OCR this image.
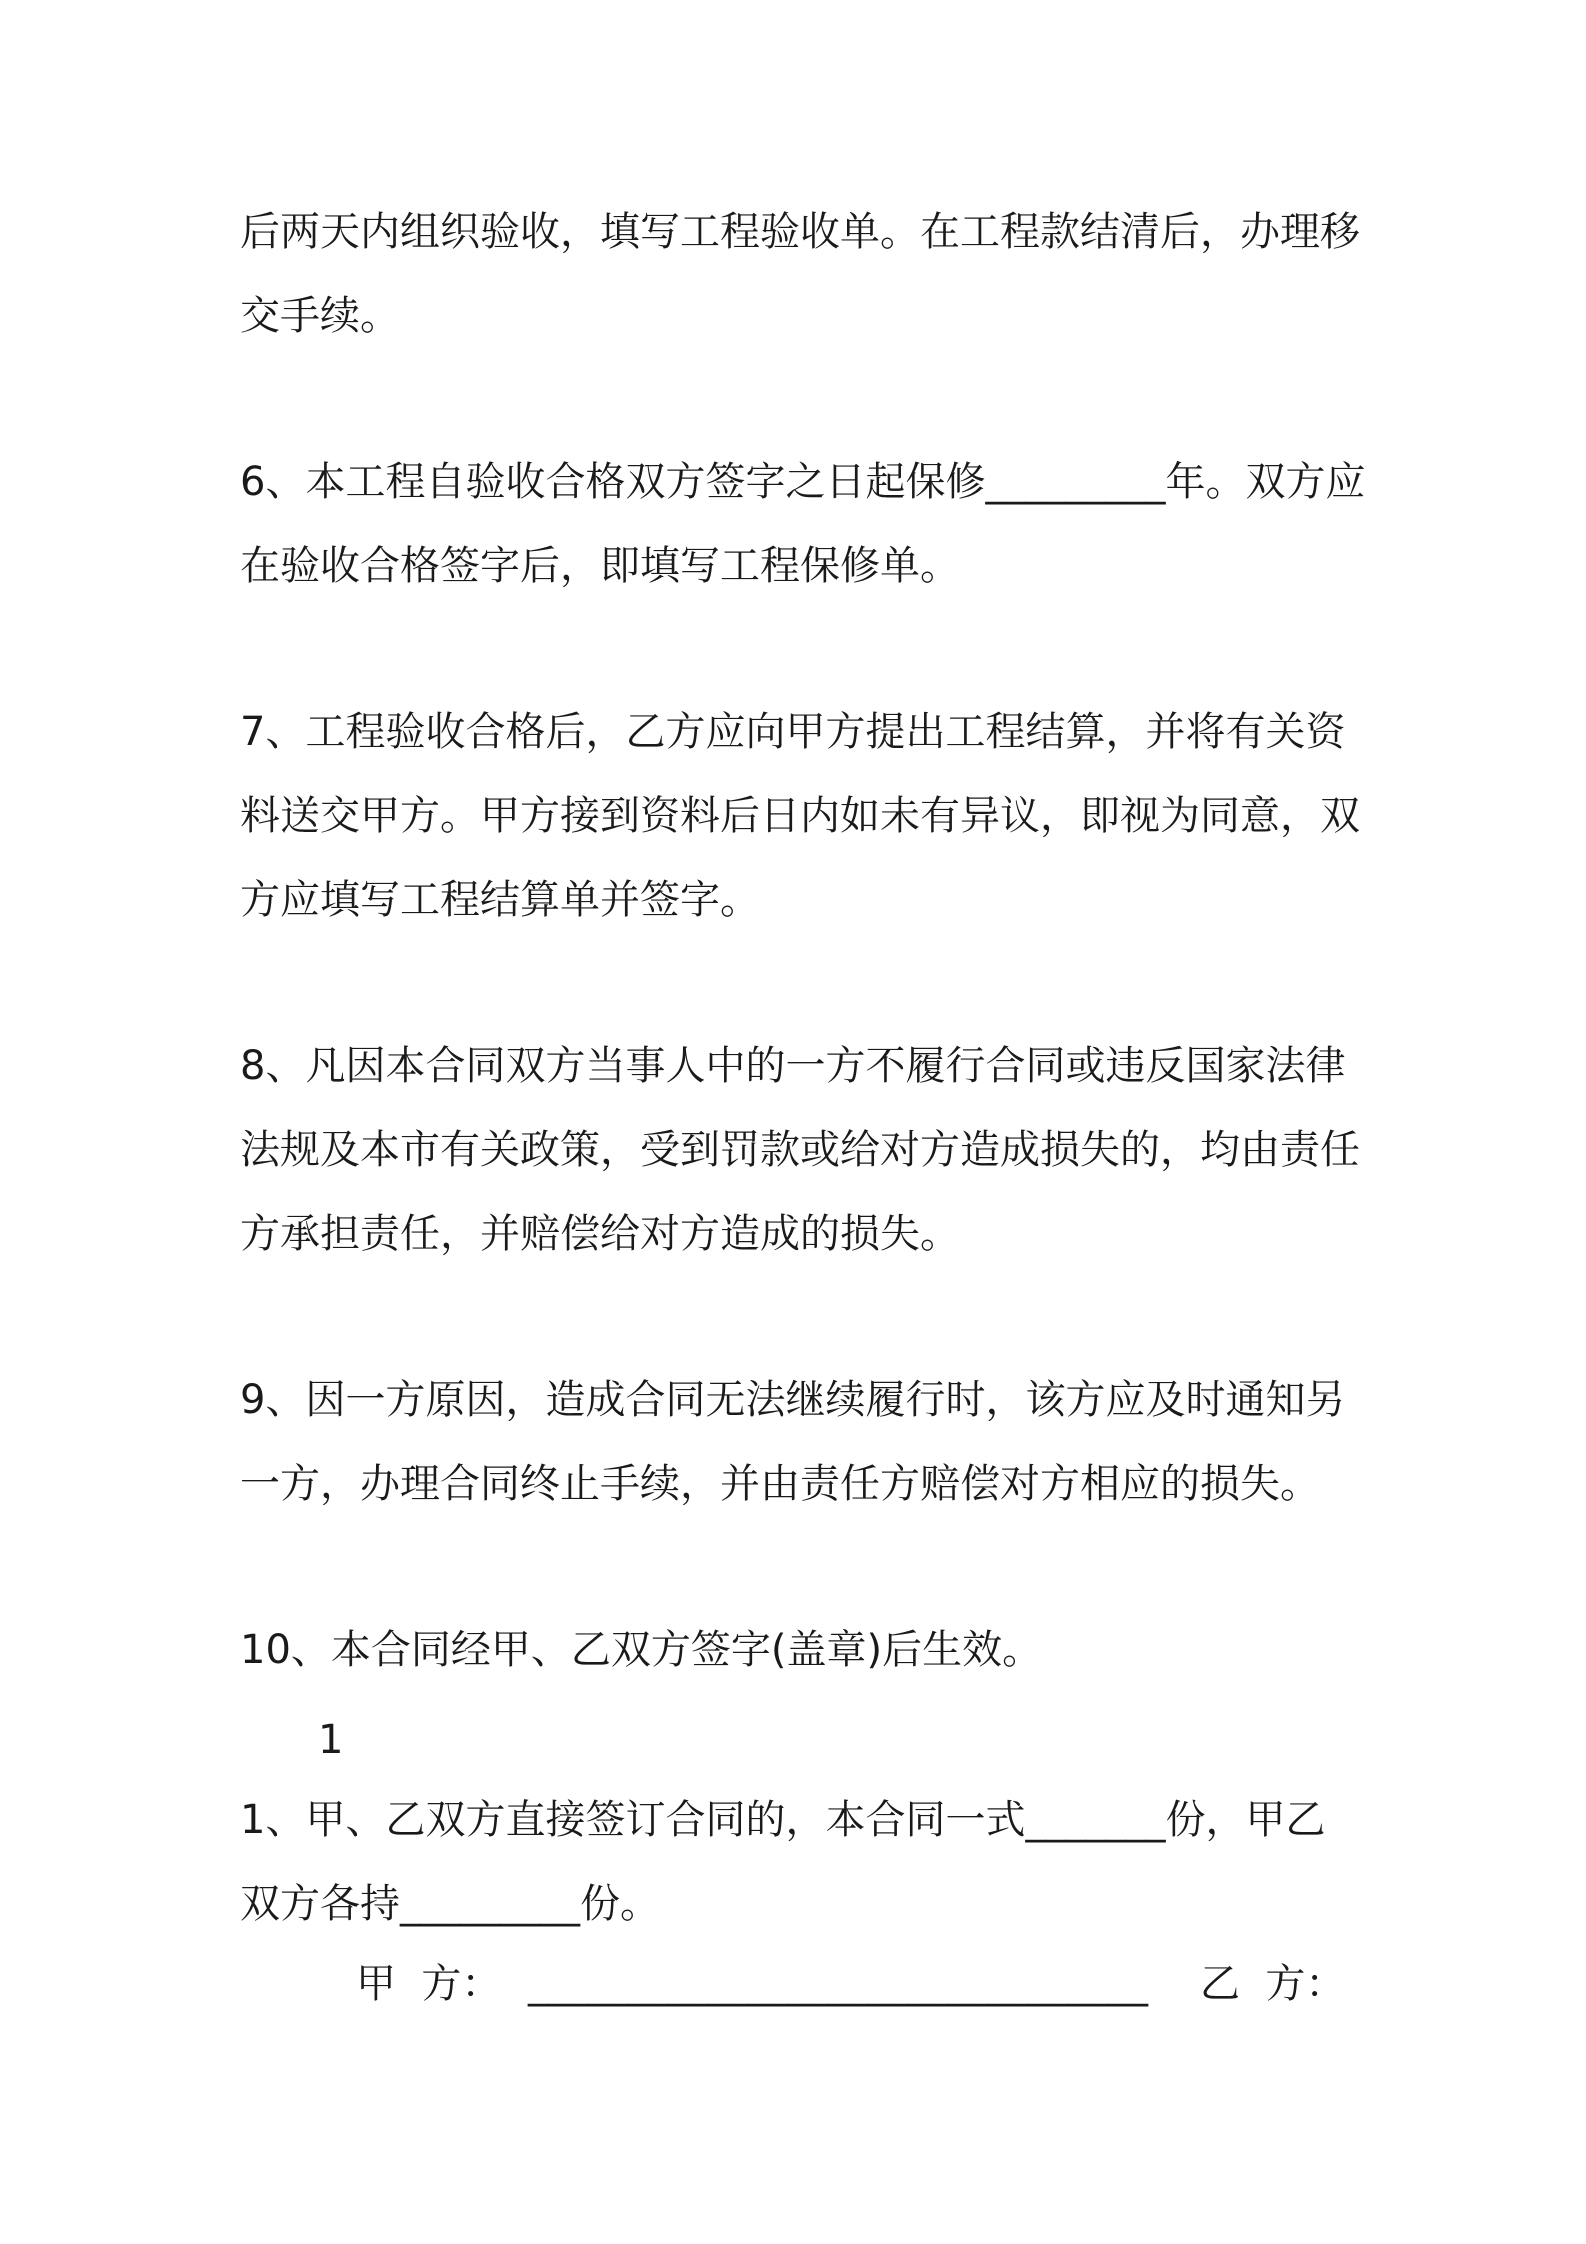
后两天内组织验收，填写工程验收单。在工程款结清后，办理移

交手续。

6、本工程自验收合格双方签字之日起保修_________年。双方应

在验收合格签字后，即填写工程保修单。

7、工程验收合格后，乙方应向甲方提出工程结算，并将有关资

料送交甲方。甲方接到资料后日内如未有异议，即视为同意，双

方应填写工程结算单并签字。

8、凡因本合同双方当事人中的一方不履行合同或违反国家法律

法规及本市有关政策，受到罚款或给对方造成损失的，均由责任

方承担责任，并赔偿给对方造成的损失。

9、因一方原因，造成合同无法继续履行时，该方应及时通知另

一方，办理合同终止手续，并由责任方赔偿对方相应的损失。

10、本合同经甲、乙双方签字(盖章)后生效。

1

1、甲、乙双方直接签订合同的，本合同一式_______份，甲乙

双方各持_________份。

甲  方： _______________________________ 乙  方：
